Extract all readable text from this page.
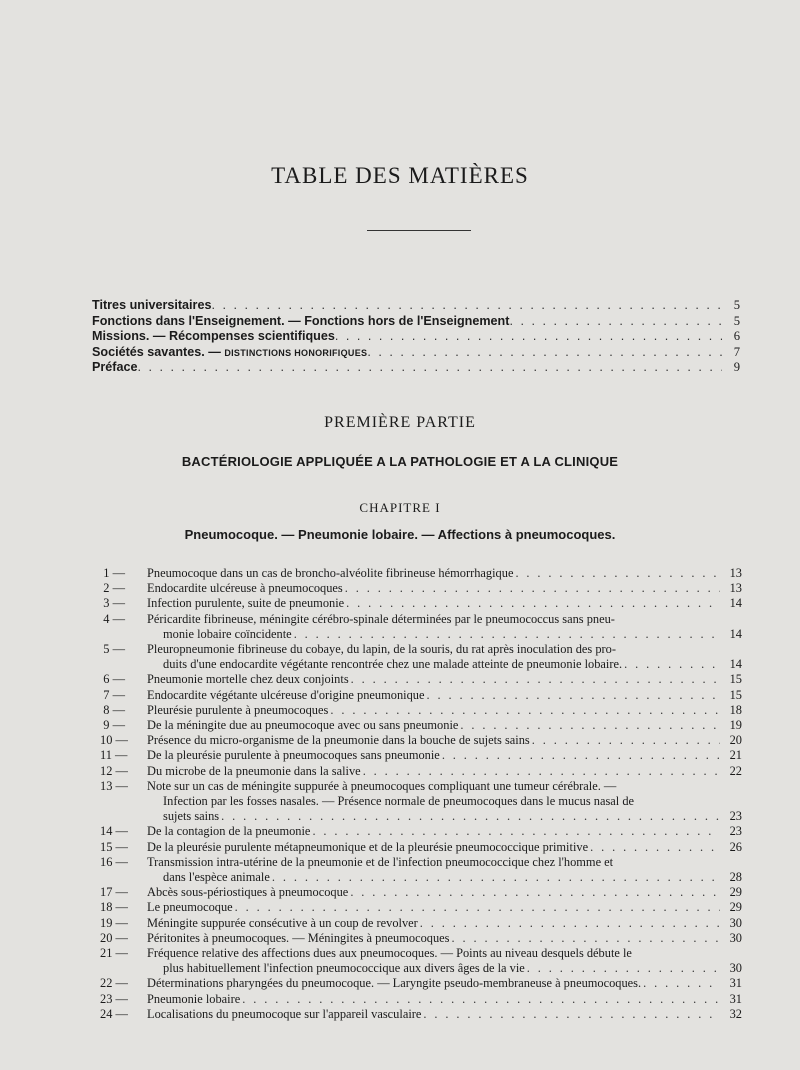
TABLE DES MATIÈRES
Titres universitaires . . .	5
Fonctions dans l'Enseignement. — Fonctions hors de l'Enseignement . . .	5
Missions. — Récompenses scientifiques . . .	6
Sociétés savantes. — DISTINCTIONS HONORIFIQUES . . .	7
Préface . . .	9
PREMIÈRE PARTIE
BACTÉRIOLOGIE APPLIQUÉE A LA PATHOLOGIE ET A LA CLINIQUE
CHAPITRE I
Pneumocoque. — Pneumonie lobaire. — Affections à pneumocoques.
1 —	Pneumocoque dans un cas de broncho-alvéolite fibrineuse hémorrhagique . . .	13
2 —	Endocardite ulcéreuse à pneumocoques . . .	13
3 —	Infection purulente, suite de pneumonie . . .	14
4 —	Péricardite fibrineuse, méningite cérébro-spinale déterminées par le pneumococcus sans pneu-
monie lobaire coïncidente . . .	14
5 —	Pleuropneumonie fibrineuse du cobaye, du lapin, de la souris, du rat après inoculation des pro-
duits d'une endocardite végétante rencontrée chez une malade atteinte de pneumonie lobaire. . . .	14
6 —	Pneumonie mortelle chez deux conjoints . . .	15
7 —	Endocardite végétante ulcéreuse d'origine pneumonique . . .	15
8 —	Pleurésie purulente à pneumocoques . . .	18
9 —	De la méningite due au pneumocoque avec ou sans pneumonie . . .	19
10 —	Présence du micro-organisme de la pneumonie dans la bouche de sujets sains . . .	20
11 —	De la pleurésie purulente à pneumocoques sans pneumonie . . .	21
12 —	Du microbe de la pneumonie dans la salive . . .	22
13 —	Note sur un cas de méningite suppurée à pneumocoques compliquant une tumeur cérébrale. —
Infection par les fosses nasales. — Présence normale de pneumocoques dans le mucus nasal de
sujets sains . . .	23
14 —	De la contagion de la pneumonie . . .	23
15 —	De la pleurésie purulente métapneumonique et de la pleurésie pneumococcique primitive . . .	26
16 —	Transmission intra-utérine de la pneumonie et de l'infection pneumococcique chez l'homme et
dans l'espèce animale . . .	28
17 —	Abcès sous-périostiques à pneumocoque . . .	29
18 —	Le pneumocoque . . .	29
19 —	Méningite suppurée consécutive à un coup de revolver . . .	30
20 —	Péritonites à pneumocoques. — Méningites à pneumocoques . . .	30
21 —	Fréquence relative des affections dues aux pneumocoques. — Points au niveau desquels débute le
plus habituellement l'infection pneumococcique aux divers âges de la vie . . .	30
22 —	Déterminations pharyngées du pneumocoque. — Laryngite pseudo-membraneuse à pneumocoques. . . .	31
23 —	Pneumonie lobaire . . .	31
24 —	Localisations du pneumocoque sur l'appareil vasculaire . . .	32
